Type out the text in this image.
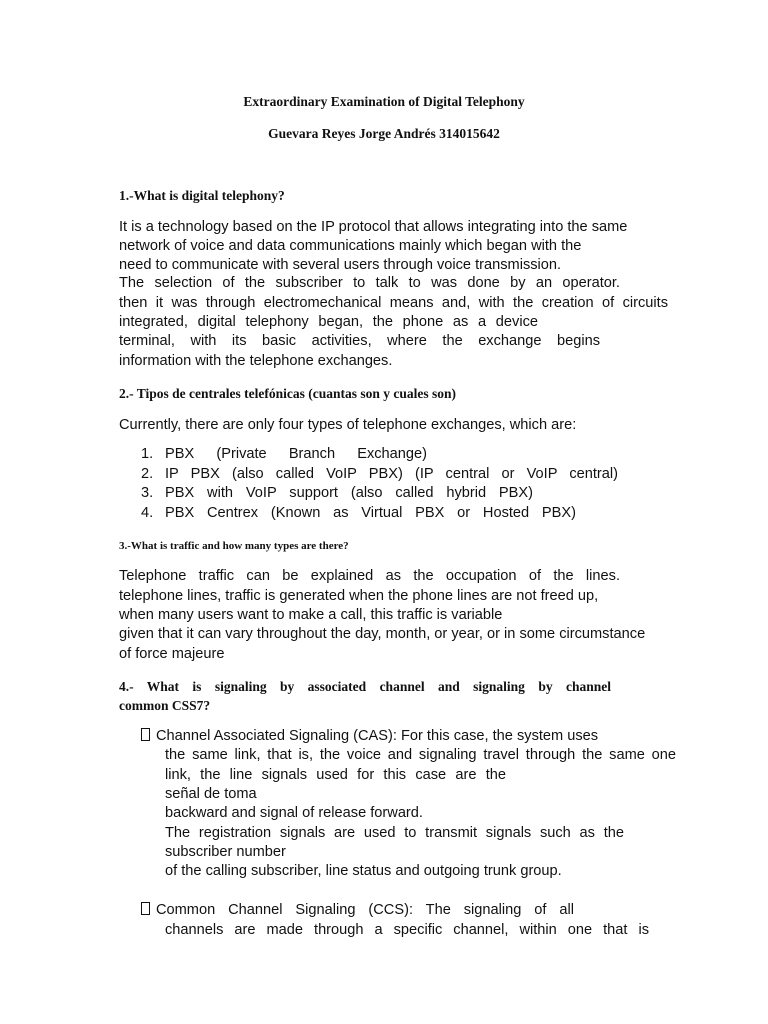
Extraordinary Examination of Digital Telephony
Guevara Reyes Jorge Andrés 314015642
1.-What is digital telephony?
It is a technology based on the IP protocol that allows integrating into the same
network of voice and data communications mainly which began with the
need to communicate with several users through voice transmission.
The selection of the subscriber to talk to was done by an operator.
then it was through electromechanical means and, with the creation of circuits
integrated, digital telephony began, the phone as a device
terminal, with its basic activities, where the exchange begins
information with the telephone exchanges.
2.- Tipos de centrales telefónicas (cuantas son y cuales son)
Currently, there are only four types of telephone exchanges, which are:
1. PBX (Private Branch Exchange)
2. IP PBX (also called VoIP PBX) (IP central or VoIP central)
3. PBX with VoIP support (also called hybrid PBX)
4. PBX Centrex (Known as Virtual PBX or Hosted PBX)
3.-What is traffic and how many types are there?
Telephone traffic can be explained as the occupation of the lines.
telephone lines, traffic is generated when the phone lines are not freed up,
when many users want to make a call, this traffic is variable
given that it can vary throughout the day, month, or year, or in some circumstance
of force majeure
4.- What is signaling by associated channel and signaling by channel
common CSS7?
Channel Associated Signaling (CAS): For this case, the system uses
the same link, that is, the voice and signaling travel through the same one
link, the line signals used for this case are the
señal de toma
backward and signal of release forward.
The registration signals are used to transmit signals such as the
subscriber number
of the calling subscriber, line status and outgoing trunk group.
Common Channel Signaling (CCS): The signaling of all
channels are made through a specific channel, within one that is
